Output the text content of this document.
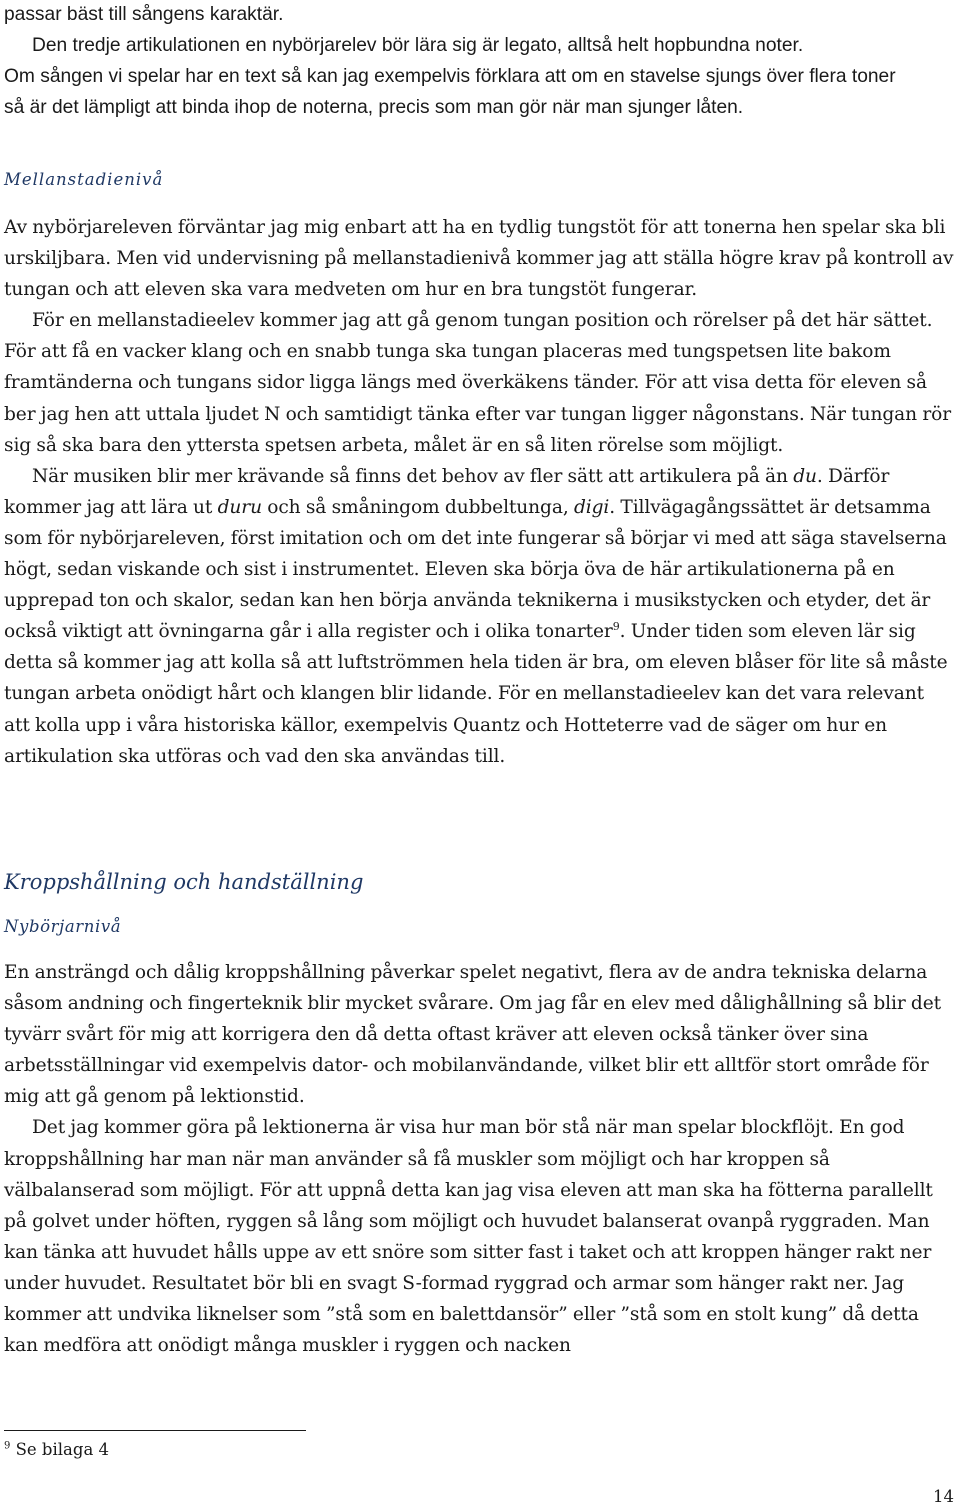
passar bäst till sångens karaktär.

Den tredje artikulationen en nybörjarelev bör lära sig är legato, alltså helt hopbundna noter.

Om sången vi spelar har en text så kan jag exempelvis förklara att om en stavelse sjungs över flera toner så är det lämpligt att binda ihop de noterna, precis som man gör när man sjunger låten.

Mellanstadienivå

Av nybörjareleven förväntar jag mig enbart att ha en tydlig tungstöt för att tonerna hen spelar ska bli urskiljbara. Men vid undervisning på mellanstadienivå kommer jag att ställa högre krav på kontroll av tungan och att eleven ska vara medveten om hur en bra tungstöt fungerar.

För en mellanstadieelev kommer jag att gå genom tungan position och rörelser på det här sättet. För att få en vacker klang och en snabb tunga ska tungan placeras med tungspetsen lite bakom framtänderna och tungans sidor ligga längs med överkäkens tänder. För att visa detta för eleven så ber jag hen att uttala ljudet N och samtidigt tänka efter var tungan ligger någonstans. När tungan rör sig så ska bara den yttersta spetsen arbeta, målet är en så liten rörelse som möjligt.

När musiken blir mer krävande så finns det behov av fler sätt att artikulera på än du. Därför kommer jag att lära ut duru och så småningom dubbeltunga, digi. Tillvägagångssättet är detsamma som för nybörjareleven, först imitation och om det inte fungerar så börjar vi med att säga stavelserna högt, sedan viskande och sist i instrumentet. Eleven ska börja öva de här artikulationerna på en upprepad ton och skalor, sedan kan hen börja använda teknikerna i musikstycken och etyder, det är också viktigt att övningarna går i alla register och i olika tonarter$^9$. Under tiden som eleven lär sig detta så kommer jag att kolla så att luftströmmen hela tiden är bra, om eleven blåser för lite så måste tungan arbeta onödigt hårt och klangen blir lidande. För en mellanstadieelev kan det vara relevant att kolla upp i våra historiska källor, exempelvis Quantz och Hotteterre vad de säger om hur en artikulation ska utföras och vad den ska användas till.

Kroppshållning och handställning

Nybörjarnivå

En ansträngd och dålig kroppshållning påverkar spelet negativt, flera av de andra tekniska delarna såsom andning och fingerteknik blir mycket svårare. Om jag får en elev med dålighållning så blir det tyvärr svårt för mig att korrigera den då detta oftast kräver att eleven också tänker över sina arbetsställningar vid exempelvis dator- och mobilanvändande, vilket blir ett alltför stort område för mig att gå genom på lektionstid.

Det jag kommer göra på lektionerna är visa hur man bör stå när man spelar blockflöjt. En god kroppshållning har man när man använder så få muskler som möjligt och har kroppen så välbalanserad som möjligt. För att uppnå detta kan jag visa eleven att man ska ha fötterna parallellt på golvet under höften, ryggen så lång som möjligt och huvudet balanserat ovanpå ryggraden. Man kan tänka att huvudet hålls uppe av ett snöre som sitter fast i taket och att kroppen hänger rakt ner under huvudet. Resultatet bör bli en svagt S-formad ryggrad och armar som hänger rakt ner. Jag kommer att undvika liknelser som ”stå som en balettdansör” eller ”stå som en stolt kung” då detta kan medföra att onödigt många muskler i ryggen och nacken

$^9$ Se bilaga 4
14
